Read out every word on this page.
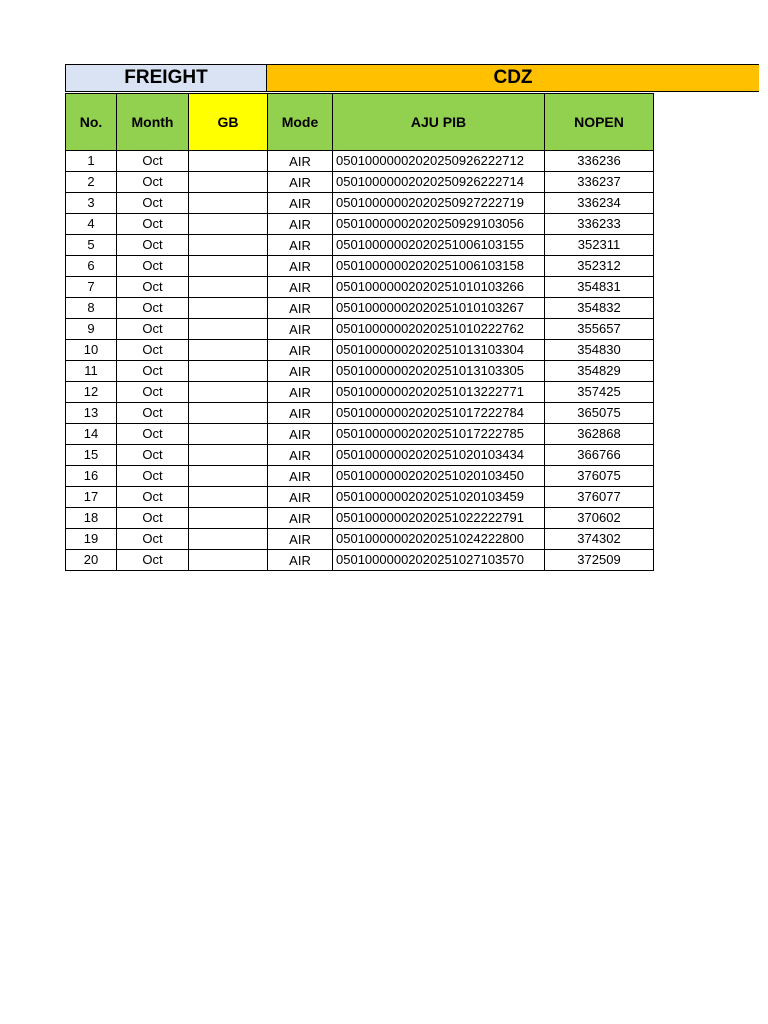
FREIGHT	CDZ
No.	Month	GB	Mode	AJU PIB	NOPEN
1	Oct		AIR	05010000002020250926222712	336236
2	Oct		AIR	05010000002020250926222714	336237
3	Oct		AIR	05010000002020250927222719	336234
4	Oct		AIR	05010000002020250929103056	336233
5	Oct		AIR	05010000002020251006103155	352311
6	Oct		AIR	05010000002020251006103158	352312
7	Oct		AIR	05010000002020251010103266	354831
8	Oct		AIR	05010000002020251010103267	354832
9	Oct		AIR	05010000002020251010222762	355657
10	Oct		AIR	05010000002020251013103304	354830
11	Oct		AIR	05010000002020251013103305	354829
12	Oct		AIR	05010000002020251013222771	357425
13	Oct		AIR	05010000002020251017222784	365075
14	Oct		AIR	05010000002020251017222785	362868
15	Oct		AIR	05010000002020251020103434	366766
16	Oct		AIR	05010000002020251020103450	376075
17	Oct		AIR	05010000002020251020103459	376077
18	Oct		AIR	05010000002020251022222791	370602
19	Oct		AIR	05010000002020251024222800	374302
20	Oct		AIR	05010000002020251027103570	372509
